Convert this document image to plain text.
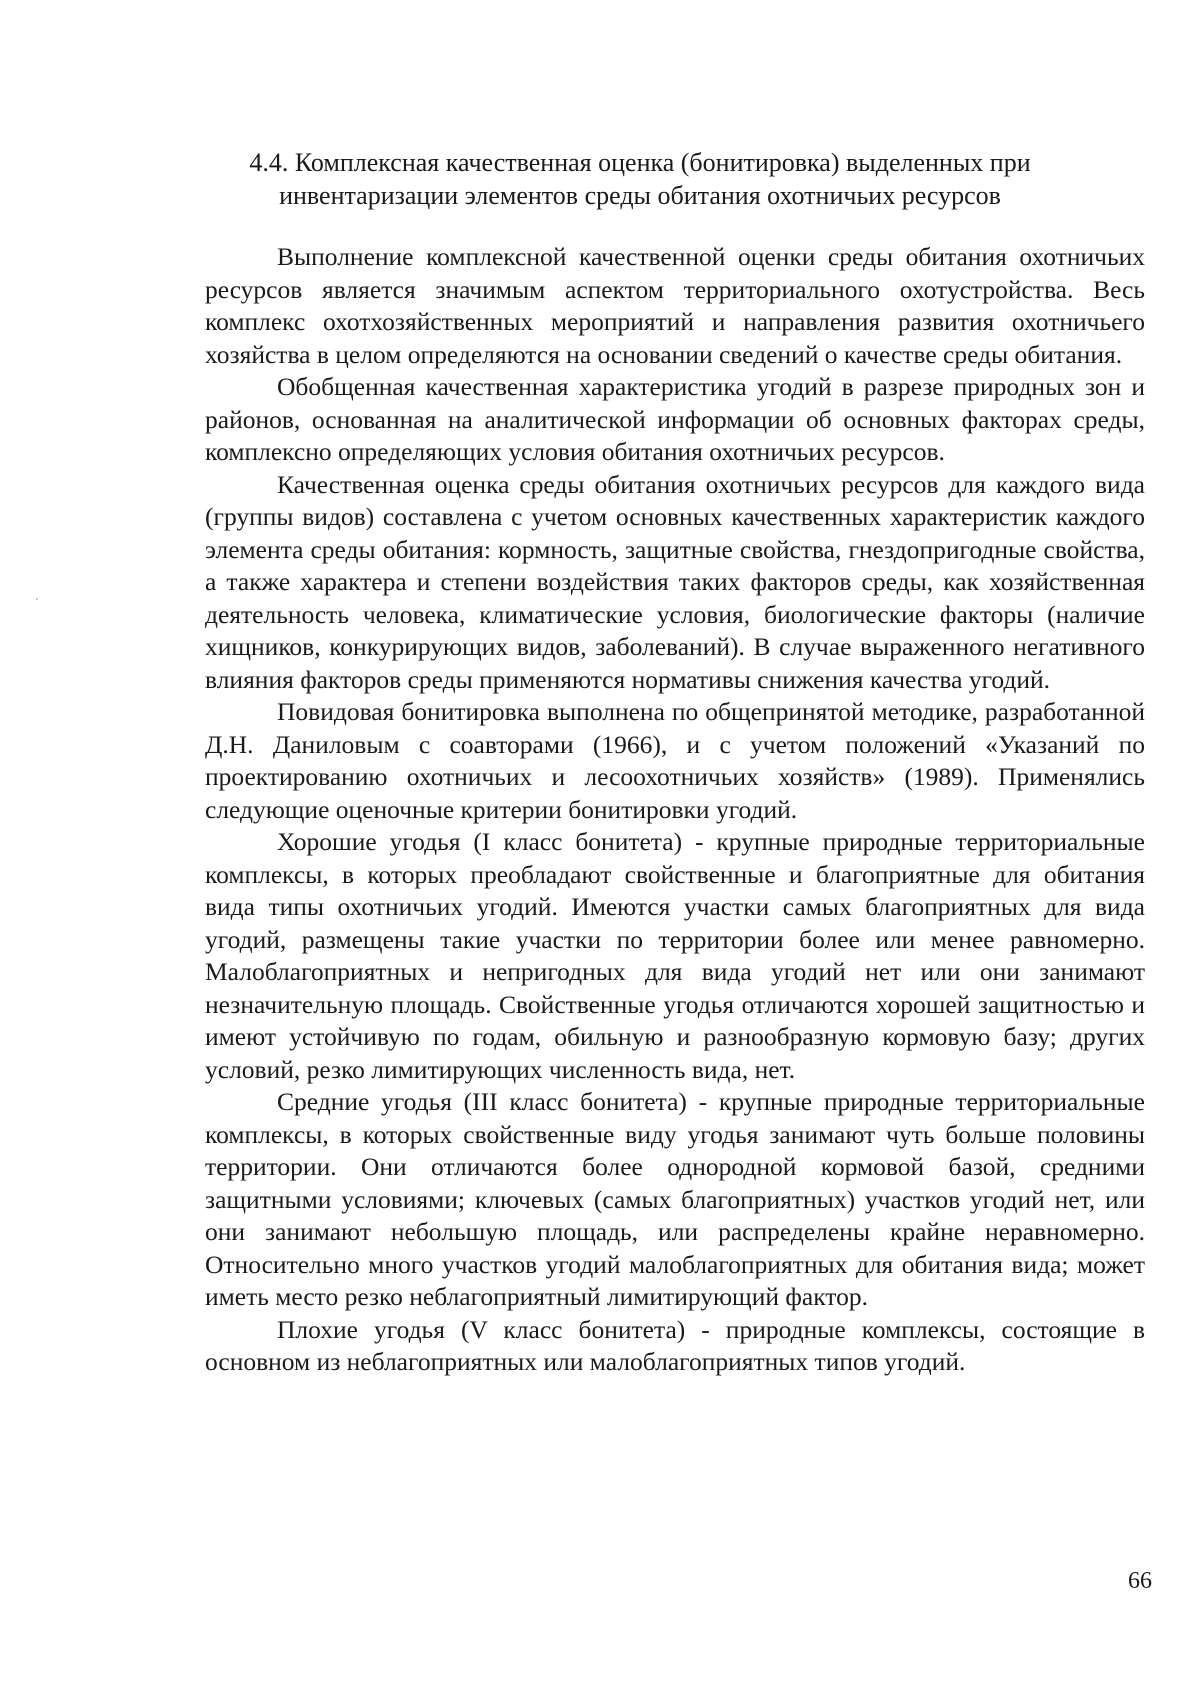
4.4. Комплексная качественная оценка (бонитировка) выделенных при инвентаризации элементов среды обитания охотничьих ресурсов

Выполнение комплексной качественной оценки среды обитания охотничьих ресурсов является значимым аспектом территориального охотустройства. Весь комплекс охотхозяйственных мероприятий и направления развития охотничьего хозяйства в целом определяются на основании сведений о качестве среды обитания.

Обобщенная качественная характеристика угодий в разрезе природных зон и районов, основанная на аналитической информации об основных факторах среды, комплексно определяющих условия обитания охотничьих ресурсов.

Качественная оценка среды обитания охотничьих ресурсов для каждого вида (группы видов) составлена с учетом основных качественных характеристик каждого элемента среды обитания: кормность, защитные свойства, гнездопригодные свойства, а также характера и степени воздействия таких факторов среды, как хозяйственная деятельность человека, климатические условия, биологические факторы (наличие хищников, конкурирующих видов, заболеваний). В случае выраженного негативного влияния факторов среды применяются нормативы снижения качества угодий.

Повидовая бонитировка выполнена по общепринятой методике, разработанной Д.Н. Даниловым с соавторами (1966), и с учетом положений «Указаний по проектированию охотничьих и лесоохотничьих хозяйств» (1989). Применялись следующие оценочные критерии бонитировки угодий.

Хорошие угодья (I класс бонитета) - крупные природные территориальные комплексы, в которых преобладают свойственные и благоприятные для обитания вида типы охотничьих угодий. Имеются участки самых благоприятных для вида угодий, размещены такие участки по территории более или менее равномерно. Малоблагоприятных и непригодных для вида угодий нет или они занимают незначительную площадь. Свойственные угодья отличаются хорошей защитностью и имеют устойчивую по годам, обильную и разнообразную кормовую базу; других условий, резко лимитирующих численность вида, нет.

Средние угодья (III класс бонитета) - крупные природные территориальные комплексы, в которых свойственные виду угодья занимают чуть больше половины территории. Они отличаются более однородной кормовой базой, средними защитными условиями; ключевых (самых благоприятных) участков угодий нет, или они занимают небольшую площадь, или распределены крайне неравномерно. Относительно много участков угодий малоблагоприятных для обитания вида; может иметь место резко неблагоприятный лимитирующий фактор.

Плохие угодья (V класс бонитета) - природные комплексы, состоящие в основном из неблагоприятных или малоблагоприятных типов угодий.

66
